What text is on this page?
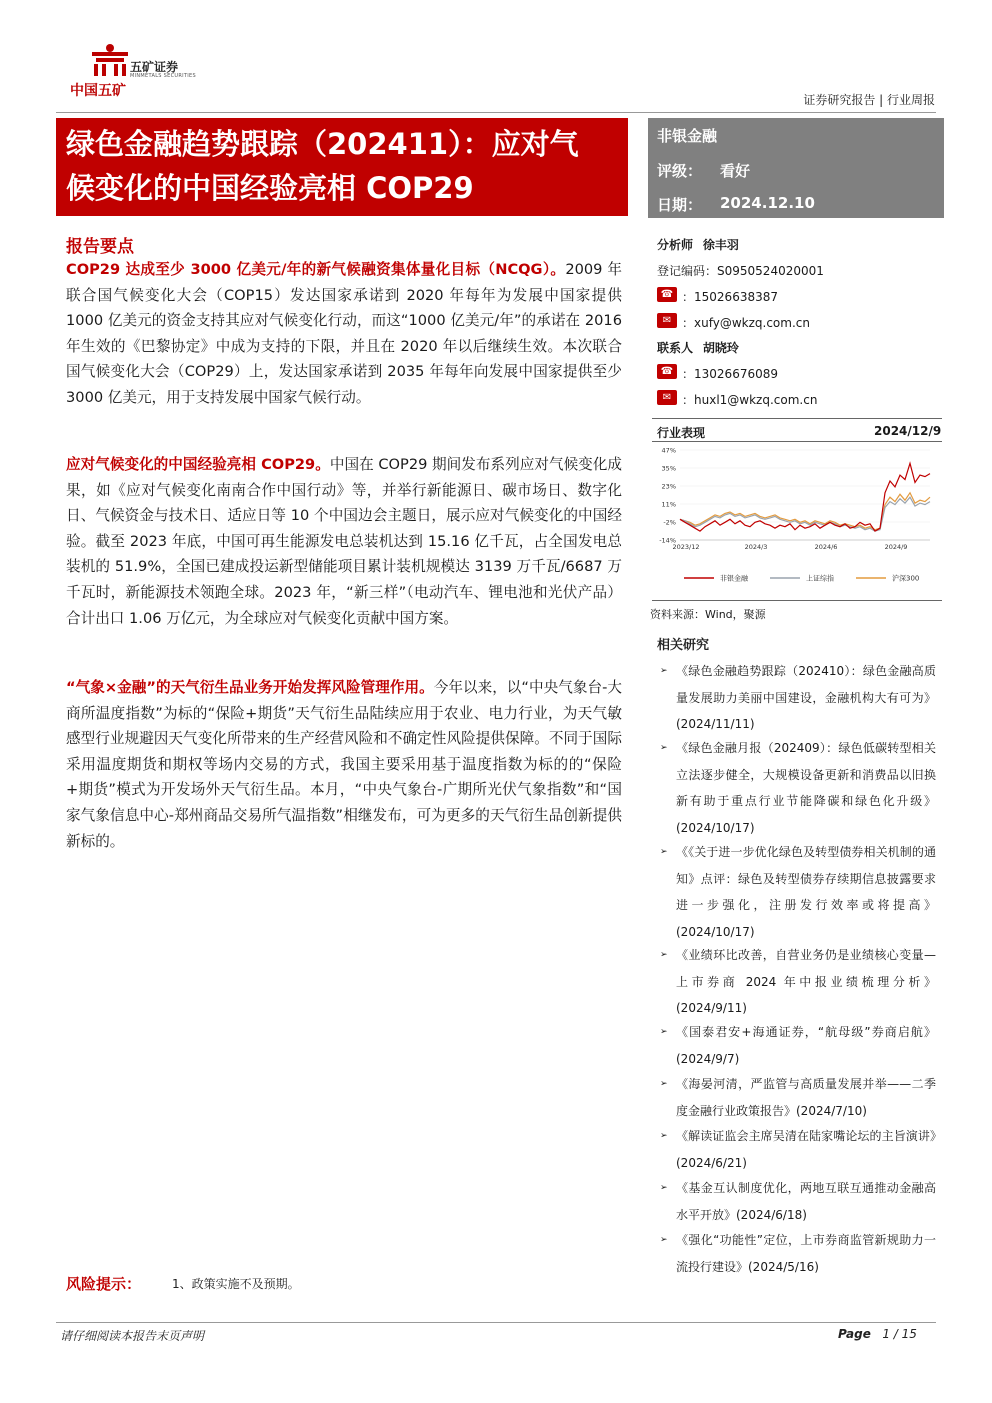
中国五矿
五矿证券
MINMETALS SECURITIES
证券研究报告 | 行业周报
绿色金融趋势跟踪（202411）：应对气
候变化的中国经验亮相 COP29
非银金融
评级： 看好
日期： 2024.12.10
报告要点
COP29 达成至少 3000 亿美元/年的新气候融资集体量化目标（NCQG）。2009 年联合国气候变化大会（COP15）发达国家承诺到 2020 年每年为发展中国家提供 1000 亿美元的资金支持其应对气候变化行动，而这“1000 亿美元/年”的承诺在 2016 年生效的《巴黎协定》中成为支持的下限，并且在 2020 年以后继续生效。本次联合国气候变化大会（COP29）上，发达国家承诺到 2035 年每年向发展中国家提供至少 3000 亿美元，用于支持发展中国家气候行动。
应对气候变化的中国经验亮相 COP29。中国在 COP29 期间发布系列应对气候变化成果，如《应对气候变化南南合作中国行动》等，并举行新能源日、碳市场日、数字化日、气候资金与技术日、适应日等 10 个中国边会主题日，展示应对气候变化的中国经验。截至 2023 年底，中国可再生能源发电总装机达到 15.16 亿千瓦，占全国发电总装机的 51.9%，全国已建成投运新型储能项目累计装机规模达 3139 万千瓦/6687 万千瓦时，新能源技术领跑全球。2023 年，“新三样”（电动汽车、锂电池和光伏产品）合计出口 1.06 万亿元，为全球应对气候变化贡献中国方案。
“气象×金融”的天气衍生品业务开始发挥风险管理作用。今年以来，以“中央气象台-大商所温度指数”为标的“保险+期货”天气衍生品陆续应用于农业、电力行业，为天气敏感型行业规避因天气变化所带来的生产经营风险和不确定性风险提供保障。不同于国际采用温度期货和期权等场内交易的方式，我国主要采用基于温度指数为标的的“保险+期货”模式为开发场外天气衍生品。本月，“中央气象台-广期所光伏气象指数”和“国家气象信息中心-郑州商品交易所气温指数”相继发布，可为更多的天气衍生品创新提供新标的。
风险提示：	1、政策实施不及预期。
分析师 徐丰羽
登记编码：S0950524020001
☎ ：15026638387
✉ ：xufy@wkzq.com.cn
联系人 胡晓玲
☎ ：13026676089
✉ ：huxl1@wkzq.com.cn
行业表现	2024/12/9
47%
35%
23%
11%
-2%
-14%
2023/12	2024/3	2024/6	2024/9
非银金融	上证综指	沪深300
资料来源：Wind，聚源
相关研究
➢ 《绿色金融趋势跟踪（202410）：绿色金融高质量发展助力美丽中国建设，金融机构大有可为》(2024/11/11)
➢ 《绿色金融月报（202409）：绿色低碳转型相关立法逐步健全，大规模设备更新和消费品以旧换新有助于重点行业节能降碳和绿色化升级》(2024/10/17)
➢ 《《关于进一步优化绿色及转型债券相关机制的通知》点评：绿色及转型债券存续期信息披露要求进一步强化，注册发行效率或将提高》(2024/10/17)
➢ 《业绩环比改善，自营业务仍是业绩核心变量—上市券商 2024 年中报业绩梳理分析》(2024/9/11)
➢ 《国泰君安+海通证券，“航母级”券商启航》(2024/9/7)
➢ 《海晏河清，严监管与高质量发展并举——二季度金融行业政策报告》(2024/7/10)
➢ 《解读证监会主席吴清在陆家嘴论坛的主旨演讲》(2024/6/21)
➢ 《基金互认制度优化，两地互联互通推动金融高水平开放》(2024/6/18)
➢ 《强化“功能性”定位，上市券商监管新规助力一流投行建设》(2024/5/16)
请仔细阅读本报告末页声明	Page 1 / 15
